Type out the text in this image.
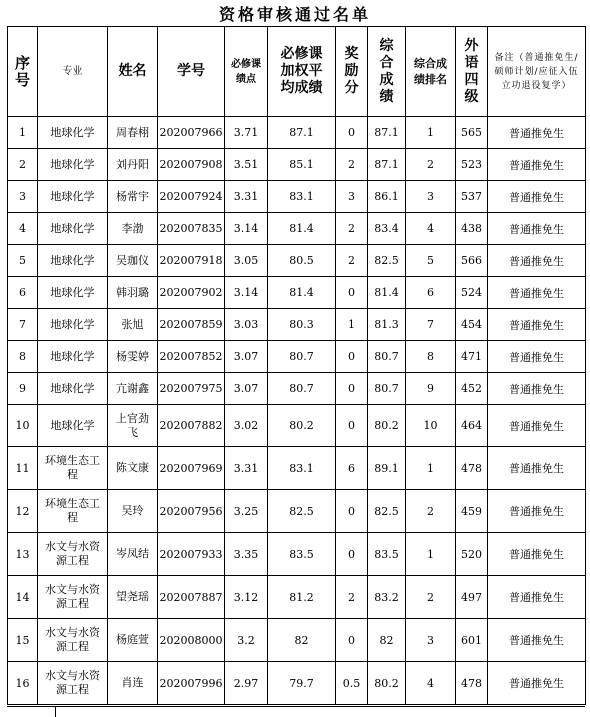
资格审核通过名单
序号	专业	姓名	学号	必修课绩点	必修课加权平均成绩	奖励分	综合成绩	综合成绩排名	外语四级	备注（普通推免生/硕师计划/应征入伍立功退役复学）
1	地球化学	周春栩	202007966	3.71	87.1	0	87.1	1	565	普通推免生
2	地球化学	刘丹阳	202007908	3.51	85.1	2	87.1	2	523	普通推免生
3	地球化学	杨常宇	202007924	3.31	83.1	3	86.1	3	537	普通推免生
4	地球化学	李渤	202007835	3.14	81.4	2	83.4	4	438	普通推免生
5	地球化学	吴珈仪	202007918	3.05	80.5	2	82.5	5	566	普通推免生
6	地球化学	韩羽璐	202007902	3.14	81.4	0	81.4	6	524	普通推免生
7	地球化学	张旭	202007859	3.03	80.3	1	81.3	7	454	普通推免生
8	地球化学	杨雯婷	202007852	3.07	80.7	0	80.7	8	471	普通推免生
9	地球化学	亢谢鑫	202007975	3.07	80.7	0	80.7	9	452	普通推免生
10	地球化学	上官劲飞	202007882	3.02	80.2	0	80.2	10	464	普通推免生
11	环境生态工程	陈文康	202007969	3.31	83.1	6	89.1	1	478	普通推免生
12	环境生态工程	吴玲	202007956	3.25	82.5	0	82.5	2	459	普通推免生
13	水文与水资源工程	岑凤结	202007933	3.35	83.5	0	83.5	1	520	普通推免生
14	水文与水资源工程	望尧瑶	202007887	3.12	81.2	2	83.2	2	497	普通推免生
15	水文与水资源工程	杨庭萱	202008000	3.2	82	0	82	3	601	普通推免生
16	水文与水资源工程	肖连	202007996	2.97	79.7	0.5	80.2	4	478	普通推免生
